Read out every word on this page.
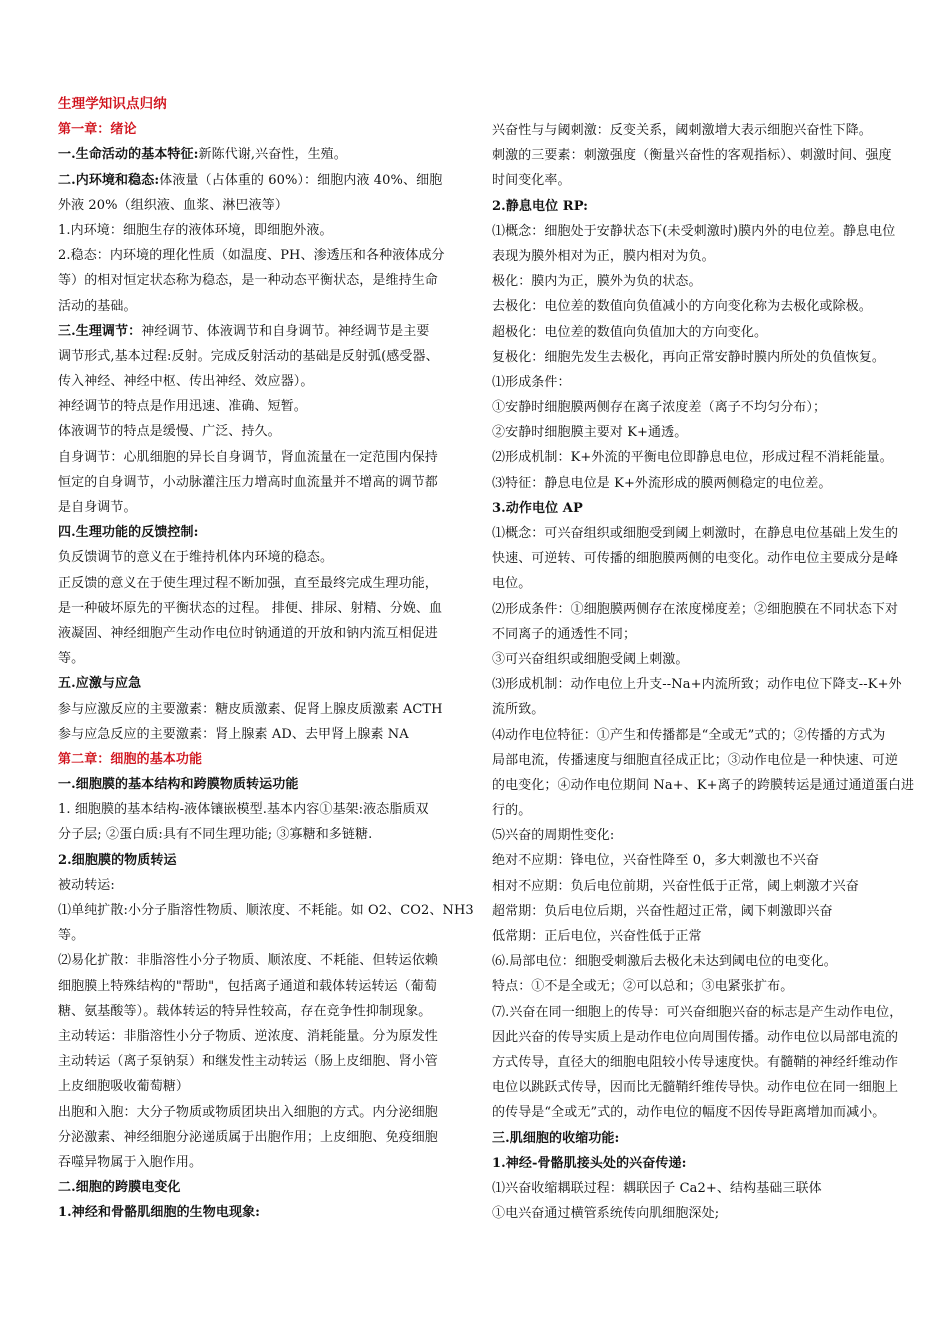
生理学知识点归纳
第一章：绪论
一.生命活动的基本特征:新陈代谢,兴奋性，生殖。
二.内环境和稳态:体液量（占体重的 60%）：细胞内液 40%、细胞
外液 20%（组织液、血浆、淋巴液等）
1.内环境：细胞生存的液体环境，即细胞外液。
2.稳态：内环境的理化性质（如温度、PH、渗透压和各种液体成分
等）的相对恒定状态称为稳态，是一种动态平衡状态，是维持生命
活动的基础。
三.生理调节：神经调节、体液调节和自身调节。神经调节是主要
调节形式,基本过程:反射。完成反射活动的基础是反射弧(感受器、
传入神经、神经中枢、传出神经、效应器）。
神经调节的特点是作用迅速、准确、短暂。
体液调节的特点是缓慢、广泛、持久。
自身调节：心肌细胞的异长自身调节，肾血流量在一定范围内保持
恒定的自身调节，小动脉灌注压力增高时血流量并不增高的调节都
是自身调节。
四.生理功能的反馈控制:
负反馈调节的意义在于维持机体内环境的稳态。
正反馈的意义在于使生理过程不断加强，直至最终完成生理功能，
是一种破坏原先的平衡状态的过程。 排便、排尿、射精、分娩、血
液凝固、神经细胞产生动作电位时钠通道的开放和钠内流互相促进
等。
五.应激与应急
参与应激反应的主要激素：糖皮质激素、促肾上腺皮质激素 ACTH
参与应急反应的主要激素：肾上腺素 AD、去甲肾上腺素 NA
第二章：细胞的基本功能
一.细胞膜的基本结构和跨膜物质转运功能
1. 细胞膜的基本结构-液体镶嵌模型.基本内容①基架:液态脂质双
分子层; ②蛋白质:具有不同生理功能; ③寡糖和多链糖.
2.细胞膜的物质转运
被动转运:
⑴单纯扩散:小分子脂溶性物质、顺浓度、不耗能。如 O2、CO2、NH3
等。
⑵易化扩散：非脂溶性小分子物质、顺浓度、不耗能、但转运依赖
细胞膜上特殊结构的"帮助"，包括离子通道和载体转运转运（葡萄
糖、氨基酸等）。载体转运的特异性较高，存在竞争性抑制现象。
主动转运：非脂溶性小分子物质、逆浓度、消耗能量。分为原发性
主动转运（离子泵钠泵）和继发性主动转运（肠上皮细胞、肾小管
上皮细胞吸收葡萄糖）
出胞和入胞：大分子物质或物质团块出入细胞的方式。内分泌细胞
分泌激素、神经细胞分泌递质属于出胞作用；上皮细胞、免疫细胞
吞噬异物属于入胞作用。
二.细胞的跨膜电变化
1.神经和骨骼肌细胞的生物电现象:
兴奋性与与阈刺激：反变关系，阈刺激增大表示细胞兴奋性下降。
刺激的三要素：刺激强度（衡量兴奋性的客观指标）、刺激时间、强度
时间变化率。
2.静息电位 RP:
⑴概念：细胞处于安静状态下(未受刺激时)膜内外的电位差。静息电位
表现为膜外相对为正，膜内相对为负。
极化：膜内为正，膜外为负的状态。
去极化：电位差的数值向负值减小的方向变化称为去极化或除极。
超极化：电位差的数值向负值加大的方向变化。
复极化：细胞先发生去极化，再向正常安静时膜内所处的负值恢复。
⑴形成条件：
①安静时细胞膜两侧存在离子浓度差（离子不均匀分布）；
②安静时细胞膜主要对 K+通透。
⑵形成机制：K+外流的平衡电位即静息电位，形成过程不消耗能量。
⑶特征：静息电位是 K+外流形成的膜两侧稳定的电位差。
3.动作电位 AP
⑴概念：可兴奋组织或细胞受到阈上刺激时，在静息电位基础上发生的
快速、可逆转、可传播的细胞膜两侧的电变化。动作电位主要成分是峰
电位。
⑵形成条件：①细胞膜两侧存在浓度梯度差；②细胞膜在不同状态下对
不同离子的通透性不同；
③可兴奋组织或细胞受阈上刺激。
⑶形成机制：动作电位上升支--Na+内流所致；动作电位下降支--K+外
流所致。
⑷动作电位特征：①产生和传播都是“全或无”式的；②传播的方式为
局部电流，传播速度与细胞直径成正比；③动作电位是一种快速、可逆
的电变化；④动作电位期间 Na+、K+离子的跨膜转运是通过通道蛋白进
行的。
⑸兴奋的周期性变化:
绝对不应期：锋电位，兴奋性降至 0，多大刺激也不兴奋
相对不应期：负后电位前期，兴奋性低于正常，阈上刺激才兴奋
超常期：负后电位后期，兴奋性超过正常，阈下刺激即兴奋
低常期：正后电位，兴奋性低于正常
⑹.局部电位：细胞受刺激后去极化未达到阈电位的电变化。
特点：①不是全或无；②可以总和；③电紧张扩布。
⑺.兴奋在同一细胞上的传导：可兴奋细胞兴奋的标志是产生动作电位，
因此兴奋的传导实质上是动作电位向周围传播。动作电位以局部电流的
方式传导，直径大的细胞电阻较小传导速度快。有髓鞘的神经纤维动作
电位以跳跃式传导，因而比无髓鞘纤维传导快。动作电位在同一细胞上
的传导是“全或无”式的，动作电位的幅度不因传导距离增加而减小。
三.肌细胞的收缩功能:
1.神经-骨骼肌接头处的兴奋传递:
⑴兴奋收缩耦联过程：耦联因子 Ca2+、结构基础三联体
①电兴奋通过横管系统传向肌细胞深处;
